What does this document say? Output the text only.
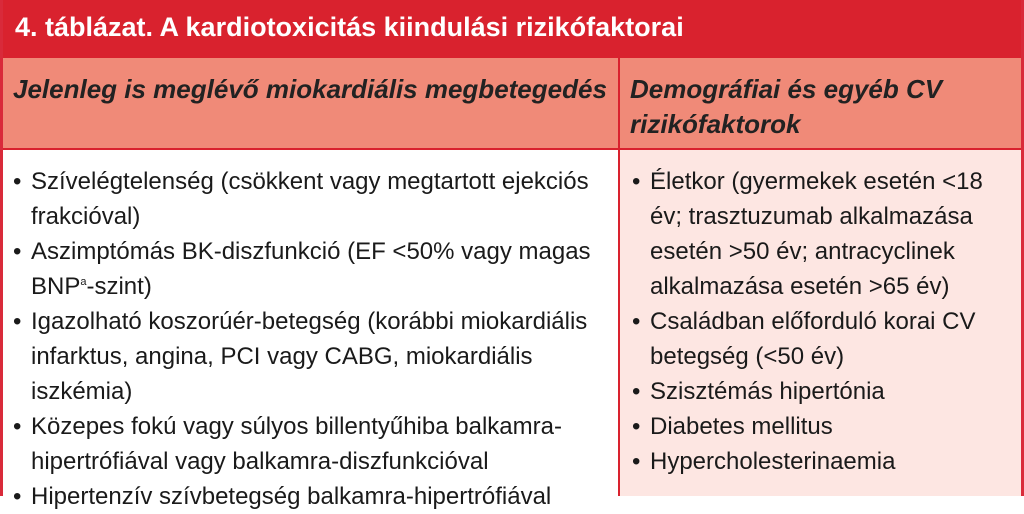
4. táblázat. A kardiotoxicitás kiindulási rizikófaktorai
Jelenleg is meglévő miokardiális megbetegedés Demográfiai és egyéb CV rizikófaktorok
• Szívelégtelenség (csökkent vagy megtartott ejekciós frakcióval)
• Aszimptómás BK-diszfunkció (EF <50% vagy magas BNP$^a$-szint)
• Igazolható koszorúér-betegség (korábbi miokardiális infarktus, angina, PCI vagy CABG, miokardiális iszkémia)
• Közepes fokú vagy súlyos billentyűhiba balkamra-hipertrófiával vagy balkamra-diszfunkcióval
• Hipertenzív szívbetegség balkamra-hipertrófiával
• Életkor (gyermekek esetén <18 év; trasztuzumab alkalmazása esetén >50 év; antracyclinek alkalmazása esetén >65 év)
• Családban előforduló korai CV betegség (<50 év)
• Szisztémás hipertónia
• Diabetes mellitus
• Hypercholesterinaemia
